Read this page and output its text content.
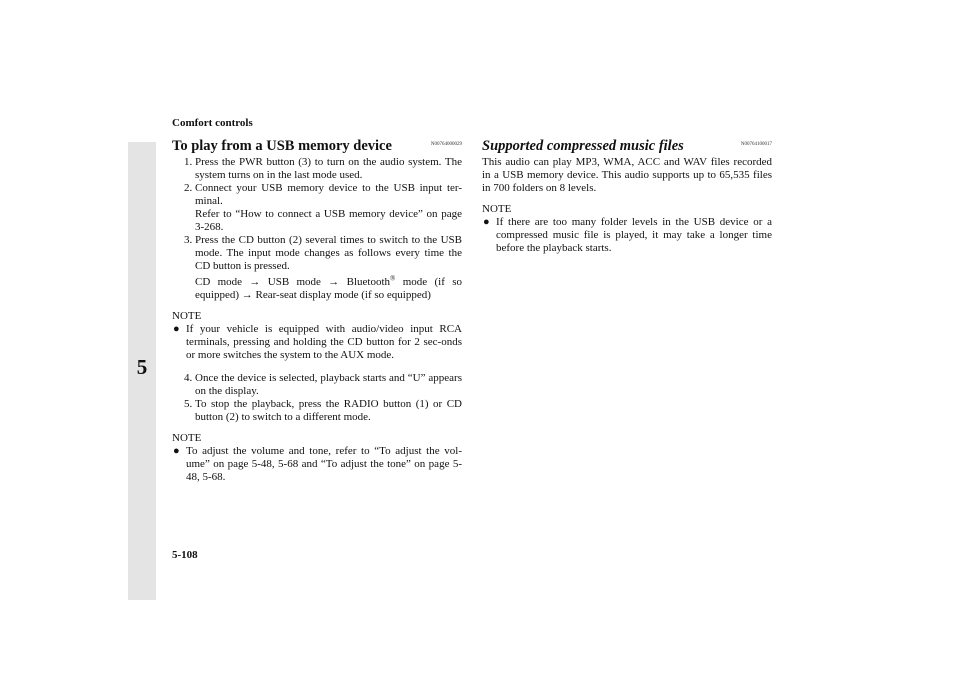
Comfort controls
5
To play from a USB memory device	N00764000029
1. Press the PWR button (3) to turn on the audio system. The system turns on in the last mode used.
2. Connect your USB memory device to the USB input ter-minal.
Refer to “How to connect a USB memory device” on page 3-268.
3. Press the CD button (2) several times to switch to the USB mode. The input mode changes as follows every time the CD button is pressed.
CD mode → USB mode → Bluetooth® mode (if so equipped) → Rear-seat display mode (if so equipped)

NOTE

● If your vehicle is equipped with audio/video input RCA terminals, pressing and holding the CD button for 2 sec-onds or more switches the system to the AUX mode.
4. Once the device is selected, playback starts and “U” appears on the display.
5. To stop the playback, press the RADIO button (1) or CD button (2) to switch to a different mode.

NOTE

● To adjust the volume and tone, refer to “To adjust the vol-ume” on page 5-48, 5-68 and “To adjust the tone” on page 5-48, 5-68.
Supported compressed music files	N00764100017

This audio can play MP3, WMA, ACC and WAV files recorded in a USB memory device. This audio supports up to 65,535 files in 700 folders on 8 levels.

NOTE

● If there are too many folder levels in the USB device or a compressed music file is played, it may take a longer time before the playback starts.
5-108
